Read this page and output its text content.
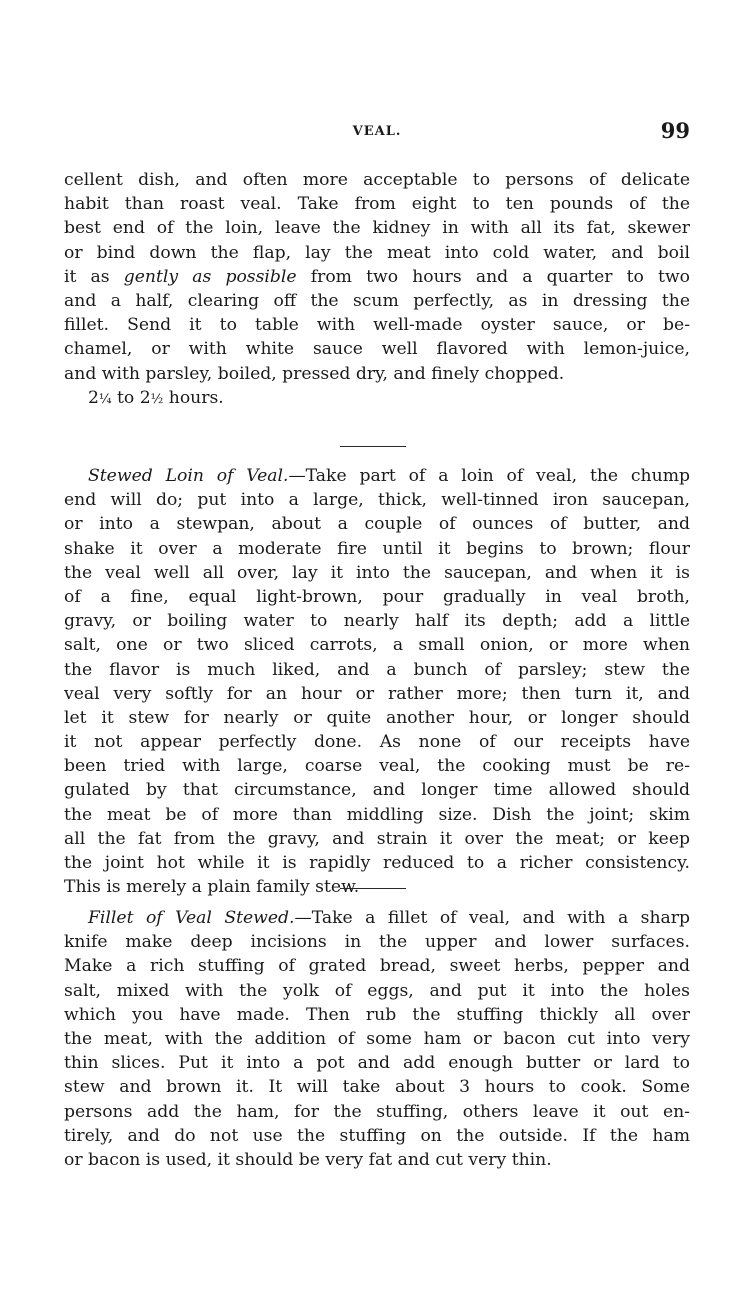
VEAL.	99
cellent dish, and often more acceptable to persons of delicate
habit than roast veal. Take from eight to ten pounds of the
best end of the loin, leave the kidney in with all its fat, skewer
or bind down the flap, lay the meat into cold water, and boil
it as gently as possible from two hours and a quarter to two
and a half, clearing off the scum perfectly, as in dressing the
fillet. Send it to table with well-made oyster sauce, or be-
chamel, or with white sauce well flavored with lemon-juice,
and with parsley, boiled, pressed dry, and finely chopped.
2¼ to 2½ hours.
Stewed Loin of Veal.—Take part of a loin of veal, the chump
end will do; put into a large, thick, well-tinned iron saucepan,
or into a stewpan, about a couple of ounces of butter, and
shake it over a moderate fire until it begins to brown; flour
the veal well all over, lay it into the saucepan, and when it is
of a fine, equal light-brown, pour gradually in veal broth,
gravy, or boiling water to nearly half its depth; add a little
salt, one or two sliced carrots, a small onion, or more when
the flavor is much liked, and a bunch of parsley; stew the
veal very softly for an hour or rather more; then turn it, and
let it stew for nearly or quite another hour, or longer should
it not appear perfectly done. As none of our receipts have
been tried with large, coarse veal, the cooking must be re-
gulated by that circumstance, and longer time allowed should
the meat be of more than middling size. Dish the joint; skim
all the fat from the gravy, and strain it over the meat; or keep
the joint hot while it is rapidly reduced to a richer consistency.
This is merely a plain family stew.
Fillet of Veal Stewed.—Take a fillet of veal, and with a sharp
knife make deep incisions in the upper and lower surfaces.
Make a rich stuffing of grated bread, sweet herbs, pepper and
salt, mixed with the yolk of eggs, and put it into the holes
which you have made. Then rub the stuffing thickly all over
the meat, with the addition of some ham or bacon cut into very
thin slices. Put it into a pot and add enough butter or lard to
stew and brown it. It will take about 3 hours to cook. Some
persons add the ham, for the stuffing, others leave it out en-
tirely, and do not use the stuffing on the outside. If the ham
or bacon is used, it should be very fat and cut very thin.
